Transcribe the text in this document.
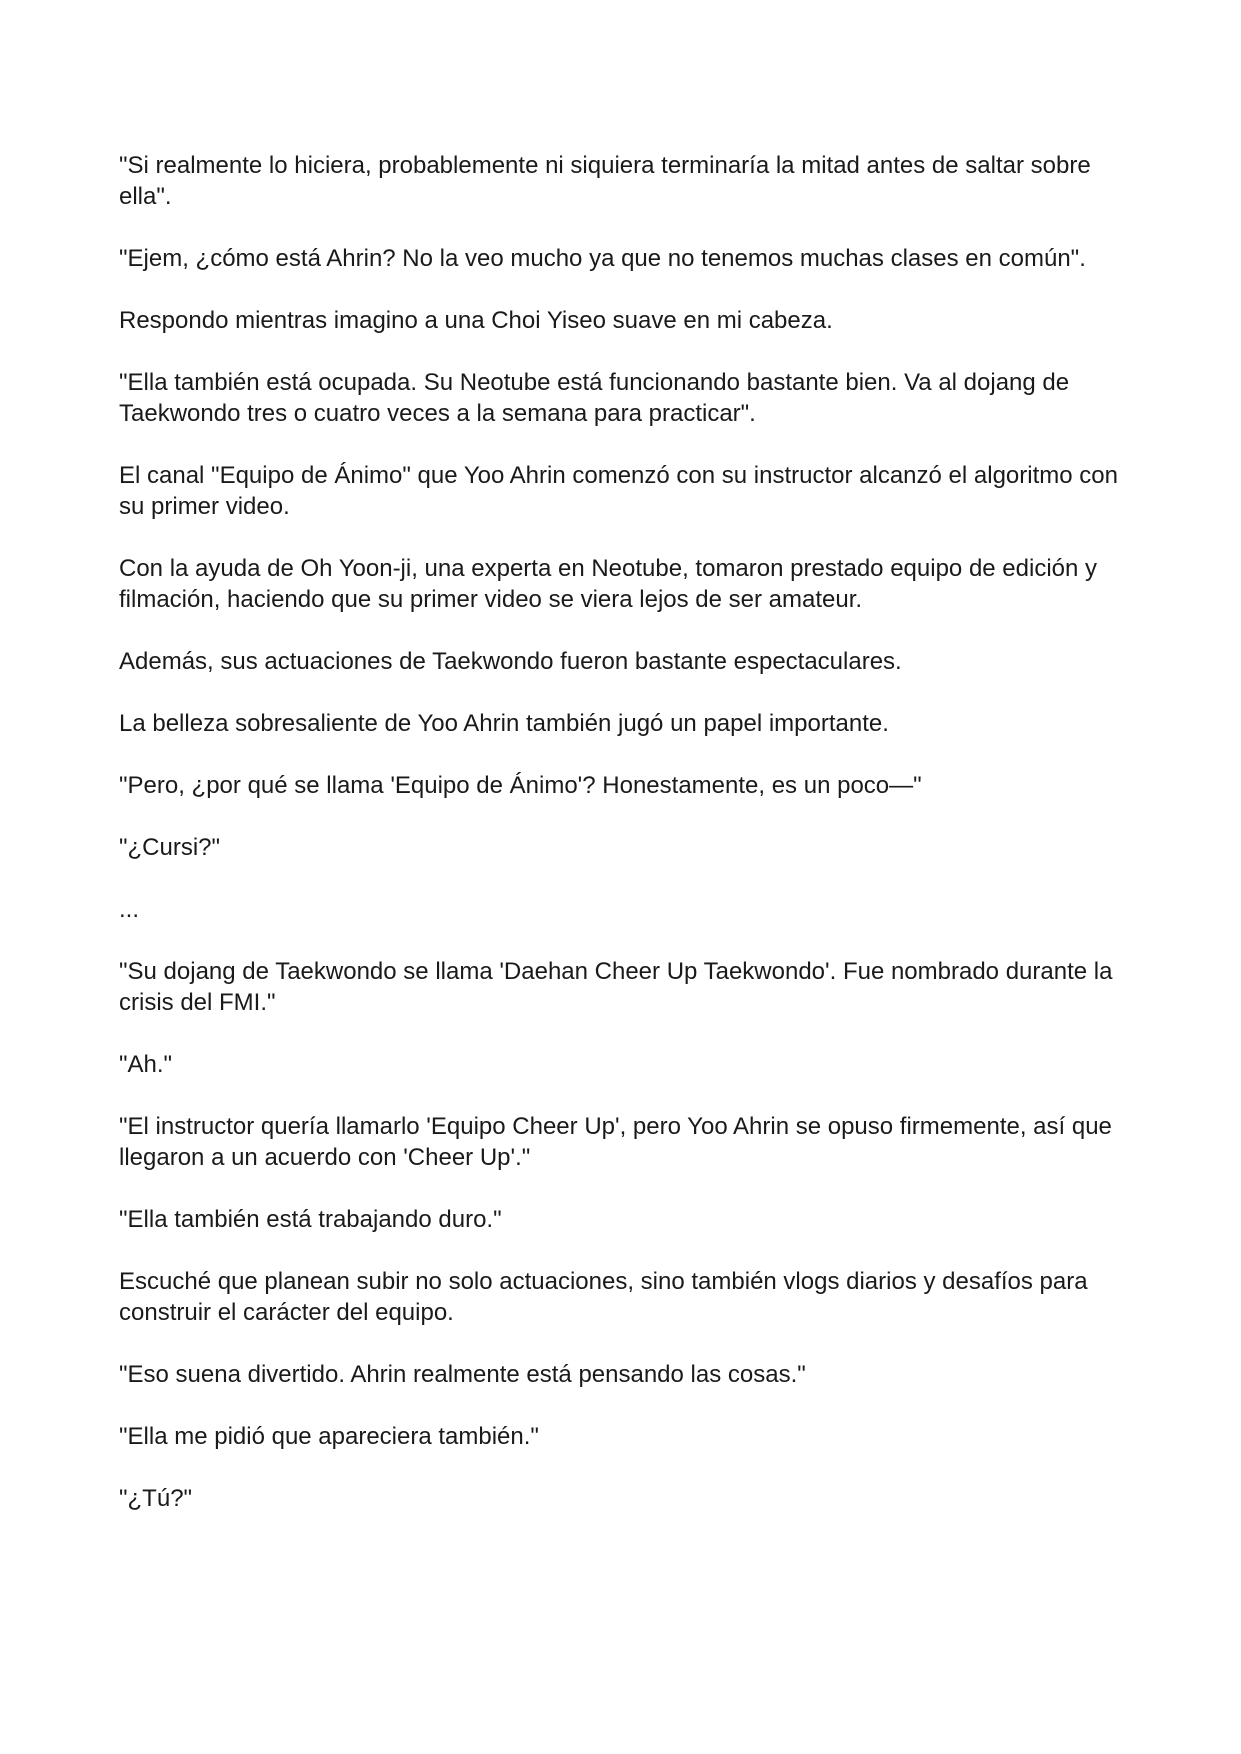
"Si realmente lo hiciera, probablemente ni siquiera terminaría la mitad antes de saltar sobre ella".

"Ejem, ¿cómo está Ahrin? No la veo mucho ya que no tenemos muchas clases en común".

Respondo mientras imagino a una Choi Yiseo suave en mi cabeza.

"Ella también está ocupada. Su Neotube está funcionando bastante bien. Va al dojang de Taekwondo tres o cuatro veces a la semana para practicar".

El canal "Equipo de Ánimo" que Yoo Ahrin comenzó con su instructor alcanzó el algoritmo con su primer video.

Con la ayuda de Oh Yoon-ji, una experta en Neotube, tomaron prestado equipo de edición y filmación, haciendo que su primer video se viera lejos de ser amateur.

Además, sus actuaciones de Taekwondo fueron bastante espectaculares.

La belleza sobresaliente de Yoo Ahrin también jugó un papel importante.

"Pero, ¿por qué se llama 'Equipo de Ánimo'? Honestamente, es un poco—"

"¿Cursi?"

...

"Su dojang de Taekwondo se llama 'Daehan Cheer Up Taekwondo'. Fue nombrado durante la crisis del FMI."

"Ah."

"El instructor quería llamarlo 'Equipo Cheer Up', pero Yoo Ahrin se opuso firmemente, así que llegaron a un acuerdo con 'Cheer Up'."

"Ella también está trabajando duro."

Escuché que planean subir no solo actuaciones, sino también vlogs diarios y desafíos para construir el carácter del equipo.

"Eso suena divertido. Ahrin realmente está pensando las cosas."

"Ella me pidió que apareciera también."

"¿Tú?"
